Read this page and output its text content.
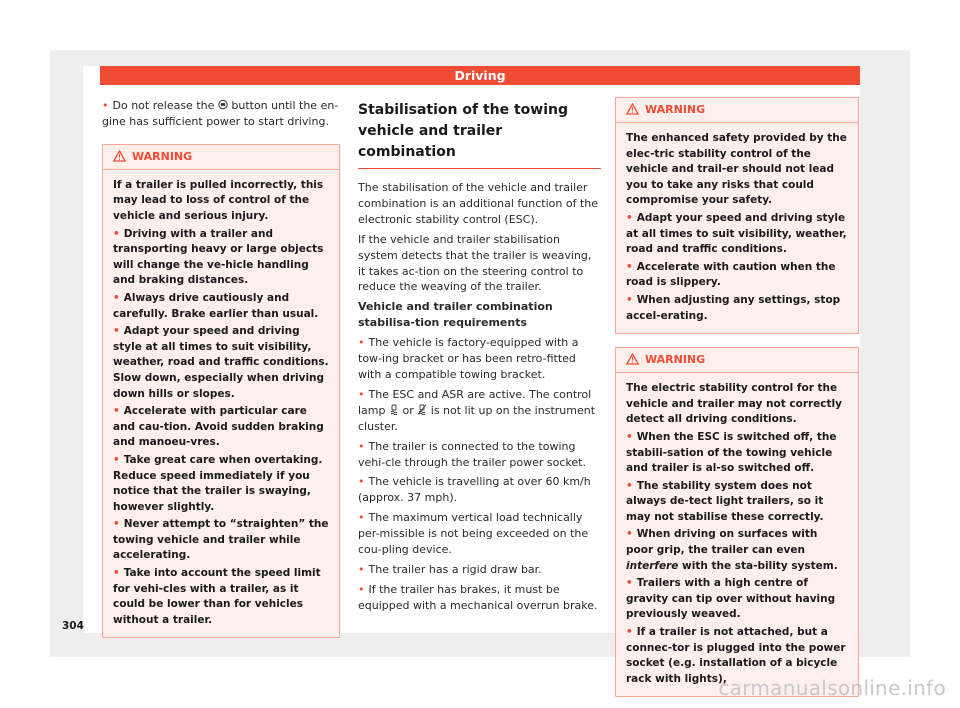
Driving

• Do not release the button until the en-gine has sufficient power to start driving.

WARNING

If a trailer is pulled incorrectly, this may lead to loss of control of the vehicle and serious injury.

• Driving with a trailer and transporting heavy or large objects will change the ve-hicle handling and braking distances.

• Always drive cautiously and carefully. Brake earlier than usual.

• Adapt your speed and driving style at all times to suit visibility, weather, road and traffic conditions. Slow down, especially when driving down hills or slopes.

• Accelerate with particular care and cau-tion. Avoid sudden braking and manoeu-vres.

• Take great care when overtaking. Reduce speed immediately if you notice that the trailer is swaying, however slightly.

• Never attempt to “straighten” the towing vehicle and trailer while accelerating.

• Take into account the speed limit for vehi-cles with a trailer, as it could be lower than for vehicles without a trailer.

Stabilisation of the towing vehicle and trailer combination

The stabilisation of the vehicle and trailer combination is an additional function of the electronic stability control (ESC).

If the vehicle and trailer stabilisation system detects that the trailer is weaving, it takes ac-tion on the steering control to reduce the weaving of the trailer.

Vehicle and trailer combination stabilisa-tion requirements

• The vehicle is factory-equipped with a tow-ing bracket or has been retro-fitted with a compatible towing bracket.

• The ESC and ASR are active. The control lamp or is not lit up on the instrument cluster.

• The trailer is connected to the towing vehi-cle through the trailer power socket.

• The vehicle is travelling at over 60 km/h (approx. 37 mph).

• The maximum vertical load technically per-missible is not being exceeded on the cou-pling device.

• The trailer has a rigid draw bar.

• If the trailer has brakes, it must be equipped with a mechanical overrun brake.

WARNING

The enhanced safety provided by the elec-tric stability control of the vehicle and trail-er should not lead you to take any risks that could compromise your safety.

• Adapt your speed and driving style at all times to suit visibility, weather, road and traffic conditions.

• Accelerate with caution when the road is slippery.

• When adjusting any settings, stop accel-erating.

WARNING

The electric stability control for the vehicle and trailer may not correctly detect all driving conditions.

• When the ESC is switched off, the stabili-sation of the towing vehicle and trailer is al-so switched off.

• The stability system does not always de-tect light trailers, so it may not stabilise these correctly.

• When driving on surfaces with poor grip, the trailer can even interfere with the sta-bility system.

• Trailers with a high centre of gravity can tip over without having previously weaved.

• If a trailer is not attached, but a connec-tor is plugged into the power socket (e.g. installation of a bicycle rack with lights),

304
carmanualsonline.info
